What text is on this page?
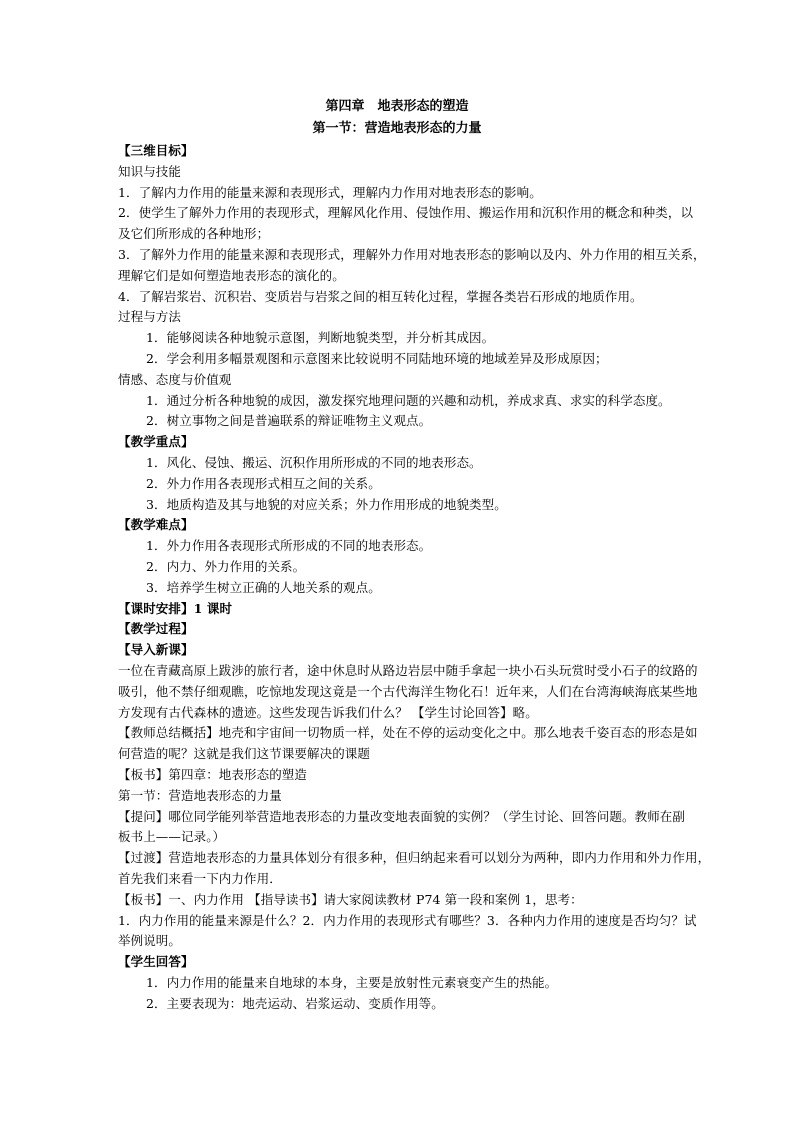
第四章　地表形态的塑造
第一节：营造地表形态的力量
【三维目标】
知识与技能
1．了解内力作用的能量来源和表现形式，理解内力作用对地表形态的影响。
2．使学生了解外力作用的表现形式，理解风化作用、侵蚀作用、搬运作用和沉积作用的概念和种类，以
及它们所形成的各种地形；
3．了解外力作用的能量来源和表现形式，理解外力作用对地表形态的影响以及内、外力作用的相互关系，
理解它们是如何塑造地表形态的演化的。
4．了解岩浆岩、沉积岩、变质岩与岩浆之间的相互转化过程，掌握各类岩石形成的地质作用。
过程与方法
1．能够阅读各种地貌示意图，判断地貌类型，并分析其成因。
2．学会利用多幅景观图和示意图来比较说明不同陆地环境的地域差异及形成原因；
情感、态度与价值观
1．通过分析各种地貌的成因，激发探究地理问题的兴趣和动机，养成求真、求实的科学态度。
2．树立事物之间是普遍联系的辩证唯物主义观点。
【教学重点】
1．风化、侵蚀、搬运、沉积作用所形成的不同的地表形态。
2．外力作用各表现形式相互之间的关系。
3．地质构造及其与地貌的对应关系；外力作用形成的地貌类型。
【教学难点】
1．外力作用各表现形式所形成的不同的地表形态。
2．内力、外力作用的关系。
3．培养学生树立正确的人地关系的观点。
【课时安排】1 课时
【教学过程】
【导入新课】
一位在青藏高原上跋涉的旅行者，途中休息时从路边岩层中随手拿起一块小石头玩赏时受小石子的纹路的
吸引，他不禁仔细观瞧，吃惊地发现这竟是一个古代海洋生物化石！近年来，人们在台湾海峡海底某些地
方发现有古代森林的遗迹。这些发现告诉我们什么？ 【学生讨论回答】略。
【教师总结概括】地壳和宇宙间一切物质一样，处在不停的运动变化之中。那么地表千姿百态的形态是如
何营造的呢？这就是我们这节课要解决的课题
【板书】第四章：地表形态的塑造
第一节：营造地表形态的力量
【提问】哪位同学能列举营造地表形态的力量改变地表面貌的实例？（学生讨论、回答问题。教师在副
板书上——记录。）
【过渡】营造地表形态的力量具体划分有很多种，但归纳起来看可以划分为两种，即内力作用和外力作用，
首先我们来看一下内力作用．
【板书】一、内力作用 【指导读书】请大家阅读教材 P74 第一段和案例 1，思考：
1．内力作用的能量来源是什么？2．内力作用的表现形式有哪些？3．各种内力作用的速度是否均匀？试
举例说明。
【学生回答】
1．内力作用的能量来自地球的本身，主要是放射性元素衰变产生的热能。
2．主要表现为：地壳运动、岩浆运动、变质作用等。
